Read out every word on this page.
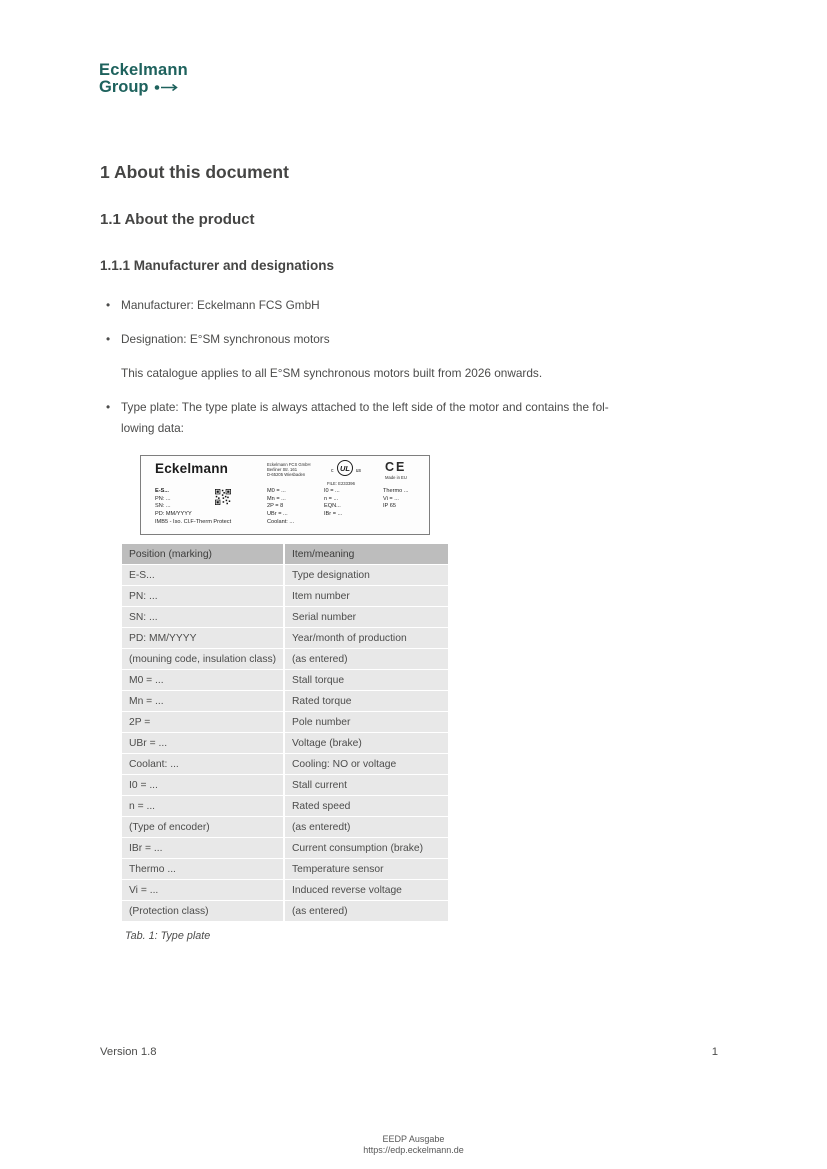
Eckelmann
Group
1 About this document
1.1 About the product
1.1.1 Manufacturer and designations
• Manufacturer: Eckelmann FCS GmbH
• Designation: E°SM synchronous motors
This catalogue applies to all E°SM synchronous motors built from 2026 onwards.
• Type plate: The type plate is always attached to the left side of the motor and contains the fol-
lowing data:
Eckelmann	Eckelmann FCS GmbH
Berliner Str. 161
D-65205 Wiesbaden
c UL	us
FILE: E233396
CE
Made in EU
E-S...
PN: ...
SN: ...
PD: MM/YYYY
IMB5 - Iso. Cl.F-Therm Protect
M0 = ...
Mn = ...
2P = 8
UBr = ...
Coolant: ...
I0 = ...
n = ...
EQN...
IBr = ...
Thermo ...
Vi = ...
IP 65
Position (marking)	Item/meaning
E-S...	Type designation
PN: ...	Item number
SN: ...	Serial number
PD: MM/YYYY	Year/month of production
(mouning code, insulation class)	(as entered)
M0 = ...	Stall torque
Mn = ...	Rated torque
2P =	Pole number
UBr = ...	Voltage (brake)
Coolant: ...	Cooling: NO or voltage
I0 = ...	Stall current
n = ...	Rated speed
(Type of encoder)	(as enteredt)
IBr = ...	Current consumption (brake)
Thermo ...	Temperature sensor
Vi = ...	Induced reverse voltage
(Protection class)	(as entered)
Tab. 1: Type plate
Version 1.8	1
EEDP Ausgabe
https://edp.eckelmann.de
